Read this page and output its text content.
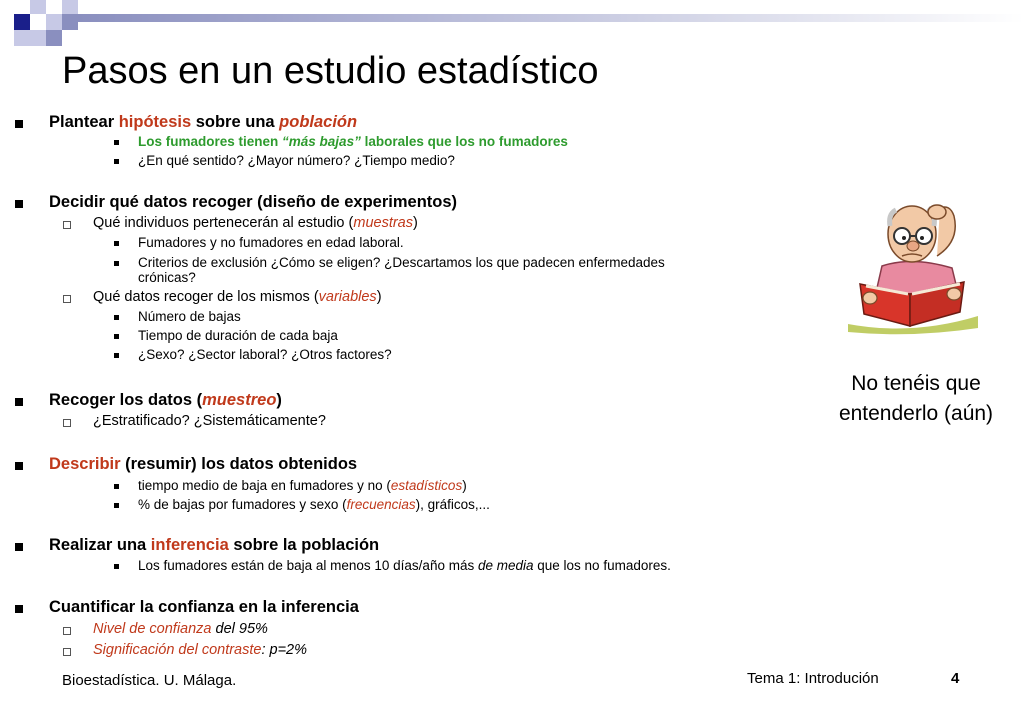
Pasos en un estudio estadístico
Plantear hipótesis sobre una población
Los fumadores tienen “más bajas” laborales que los no fumadores
¿En qué sentido? ¿Mayor número? ¿Tiempo medio?
Decidir qué datos recoger (diseño de experimentos)
Qué individuos pertenecerán al estudio (muestras)
Fumadores y no fumadores en edad laboral.
Criterios de exclusión ¿Cómo se eligen? ¿Descartamos los que padecen enfermedades
crónicas?
Qué datos recoger de los mismos (variables)
Número de bajas
Tiempo de duración de cada baja
¿Sexo? ¿Sector laboral? ¿Otros factores?
Recoger los datos (muestreo)
¿Estratificado? ¿Sistemáticamente?
Describir (resumir) los datos obtenidos
tiempo medio de baja en fumadores y no (estadísticos)
% de bajas por fumadores y sexo (frecuencias), gráficos,...
Realizar una inferencia sobre la población
Los fumadores están de baja al menos 10 días/año más de media que los no fumadores.
Cuantificar la confianza en la inferencia
Nivel de confianza del 95%
Significación del contraste: p=2%
No tenéis que
entenderlo (aún)
Bioestadística. U. Málaga.	Tema 1: Introdución	4
